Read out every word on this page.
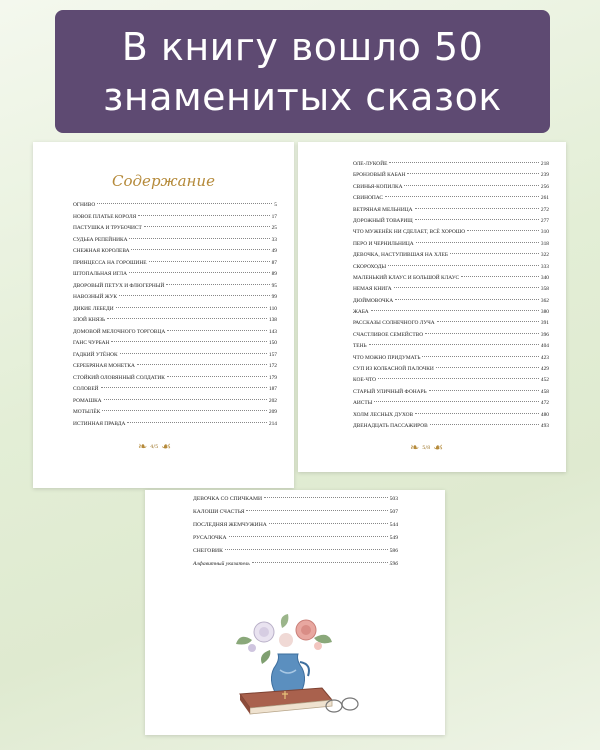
В книгу вошло 50
знаменитых сказок
Содержание
ОГНИВО	5
НОВОЕ ПЛАТЬЕ КОРОЛЯ	17
ПАСТУШКА И ТРУБОЧИСТ	25
СУДЬБА РЕПЕЙНИКА	33
СНЕЖНАЯ КОРОЛЕВА	49
ПРИНЦЕССА НА ГОРОШИНЕ	87
ШТОПАЛЬНАЯ ИГЛА	89
ДВОРОВЫЙ ПЕТУХ И ФЛЮГЕРНЫЙ	95
НАВОЗНЫЙ ЖУК	99
ДИКИЕ ЛЕБЕДИ	110
ЗЛОЙ КНЯЗЬ	138
ДОМОВОЙ МЕЛОЧНОГО ТОРГОВЦА	143
ГАНС ЧУРБАН	150
ГАДКИЙ УТЁНОК	157
СЕРЕБРЯНАЯ МОНЕТКА	172
СТОЙКИЙ ОЛОВЯННЫЙ СОЛДАТИК	179
СОЛОВЕЙ	187
РОМАШКА	202
МОТЫЛЁК	209
ИСТИННАЯ ПРАВДА	214
❧ 4/5 ☙
ОЛЕ-ЛУКОЙЕ	218
БРОНЗОВЫЙ КАБАН	239
СВИНЬЯ-КОПИЛКА	256
СВИНОПАС	261
ВЕТРЯНАЯ МЕЛЬНИЦА	272
ДОРОЖНЫЙ ТОВАРИЩ	277
ЧТО МУЖЕНЁК НИ СДЕЛАЕТ, ВСЁ ХОРОШО	310
ПЕРО И ЧЕРНИЛЬНИЦА	318
ДЕВОЧКА, НАСТУПИВШАЯ НА ХЛЕБ	322
СКОРОХОДЫ	333
МАЛЕНЬКИЙ КЛАУС И БОЛЬШОЙ КЛАУС	340
НЕМАЯ КНИГА	358
ДЮЙМОВОЧКА	362
ЖАБА	380
РАССКАЗЫ СОЛНЕЧНОГО ЛУЧА	391
СЧАСТЛИВОЕ СЕМЕЙСТВО	396
ТЕНЬ	404
ЧТО МОЖНО ПРИДУМАТЬ	423
СУП ИЗ КОЛБАСНОЙ ПАЛОЧКИ	429
КОЕ-ЧТО	452
СТАРЫЙ УЛИЧНЫЙ ФОНАРЬ	458
АИСТЫ	472
ХОЛМ ЛЕСНЫХ ДУХОВ	480
ДВЕНАДЦАТЬ ПАССАЖИРОВ	493
❧ 5/8 ☙
ДЕВОЧКА СО СПИЧКАМИ	503
КАЛОШИ СЧАСТЬЯ	507
ПОСЛЕДНЯЯ ЖЕМЧУЖИНА	544
РУСАЛОЧКА	549
СНЕГОВИК	586
Алфавитный указатель	596
